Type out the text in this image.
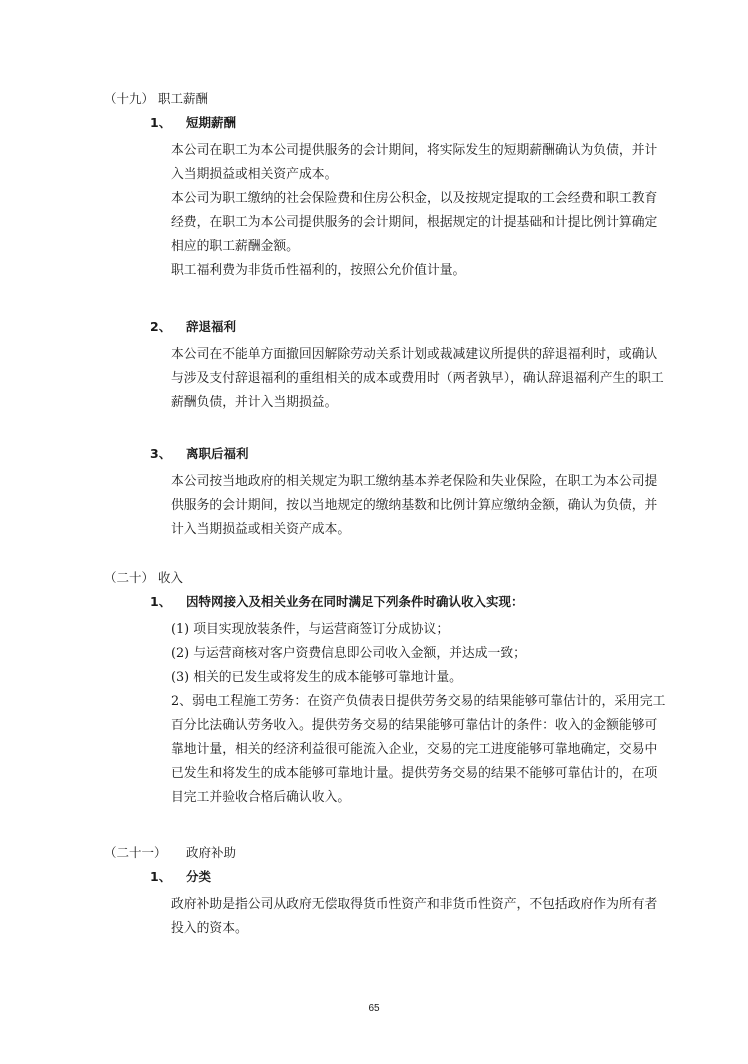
（十九） 职工薪酬
1、 短期薪酬
本公司在职工为本公司提供服务的会计期间，将实际发生的短期薪酬确认为负债，并计
入当期损益或相关资产成本。
本公司为职工缴纳的社会保险费和住房公积金，以及按规定提取的工会经费和职工教育
经费，在职工为本公司提供服务的会计期间，根据规定的计提基础和计提比例计算确定
相应的职工薪酬金额。
职工福利费为非货币性福利的，按照公允价值计量。
2、 辞退福利
本公司在不能单方面撤回因解除劳动关系计划或裁减建议所提供的辞退福利时，或确认
与涉及支付辞退福利的重组相关的成本或费用时（两者孰早），确认辞退福利产生的职工
薪酬负债，并计入当期损益。
3、 离职后福利
本公司按当地政府的相关规定为职工缴纳基本养老保险和失业保险，在职工为本公司提
供服务的会计期间，按以当地规定的缴纳基数和比例计算应缴纳金额，确认为负债，并
计入当期损益或相关资产成本。
（二十） 收入
1、 因特网接入及相关业务在同时满足下列条件时确认收入实现：
(1) 项目实现放装条件，与运营商签订分成协议；
(2) 与运营商核对客户资费信息即公司收入金额，并达成一致；
(3) 相关的已发生或将发生的成本能够可靠地计量。
2、弱电工程施工劳务：在资产负债表日提供劳务交易的结果能够可靠估计的，采用完工
百分比法确认劳务收入。提供劳务交易的结果能够可靠估计的条件：收入的金额能够可
靠地计量，相关的经济利益很可能流入企业，交易的完工进度能够可靠地确定，交易中
已发生和将发生的成本能够可靠地计量。提供劳务交易的结果不能够可靠估计的，在项
目完工并验收合格后确认收入。
（二十一） 政府补助
1、 分类
政府补助是指公司从政府无偿取得货币性资产和非货币性资产，不包括政府作为所有者
投入的资本。
65
